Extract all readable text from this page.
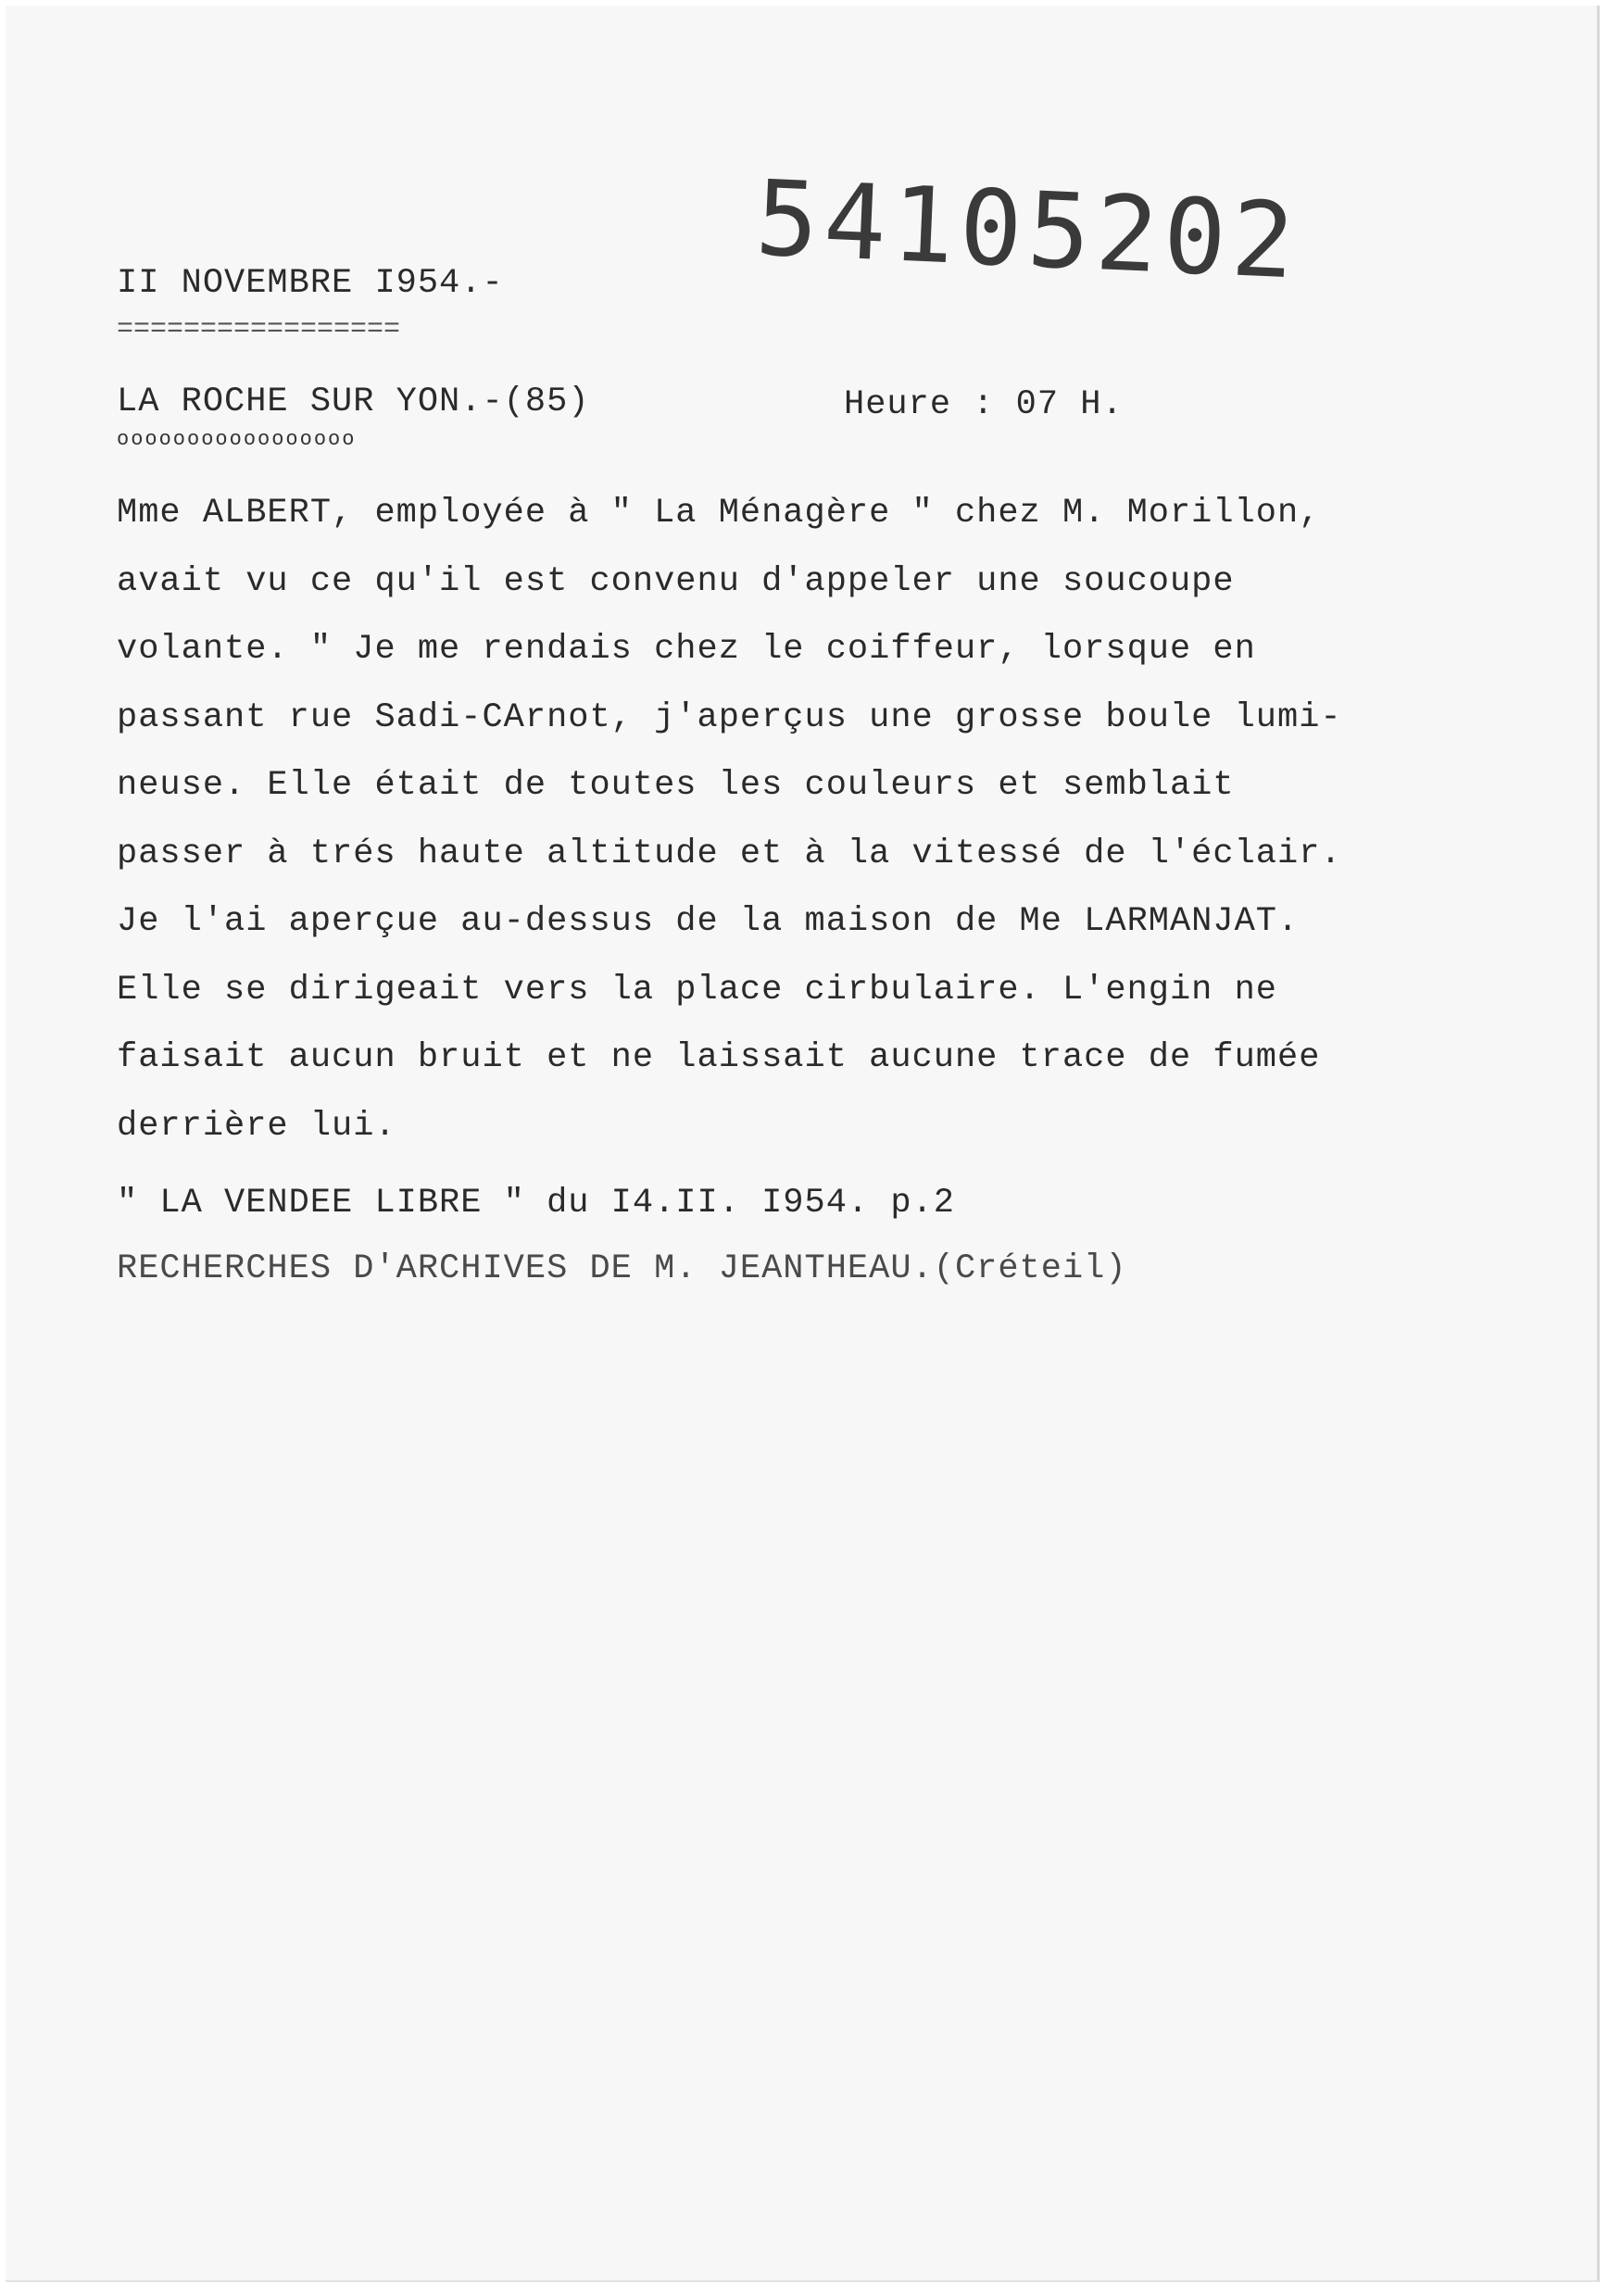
54105202
II NOVEMBRE I954.-
=================
LA ROCHE SUR YON.-(85)	Heure : 07 H.
ooooooooooooooooo
Mme ALBERT, employée à " La Ménagère " chez M. Morillon,
avait vu ce qu'il est convenu d'appeler une soucoupe
volante. " Je me rendais chez le coiffeur, lorsque en
passant rue Sadi-CArnot, j'aperçus une grosse boule lumi-
neuse. Elle était de toutes les couleurs et semblait
passer à trés haute altitude et à la vitessé de l'éclair.
Je l'ai aperçue au-dessus de la maison de Me LARMANJAT.
Elle se dirigeait vers la place cirbulaire. L'engin ne
faisait aucun bruit et ne laissait aucune trace de fumée
derrière lui.
" LA VENDEE LIBRE " du I4.II. I954. p.2
RECHERCHES D'ARCHIVES DE M. JEANTHEAU.(Créteil)
